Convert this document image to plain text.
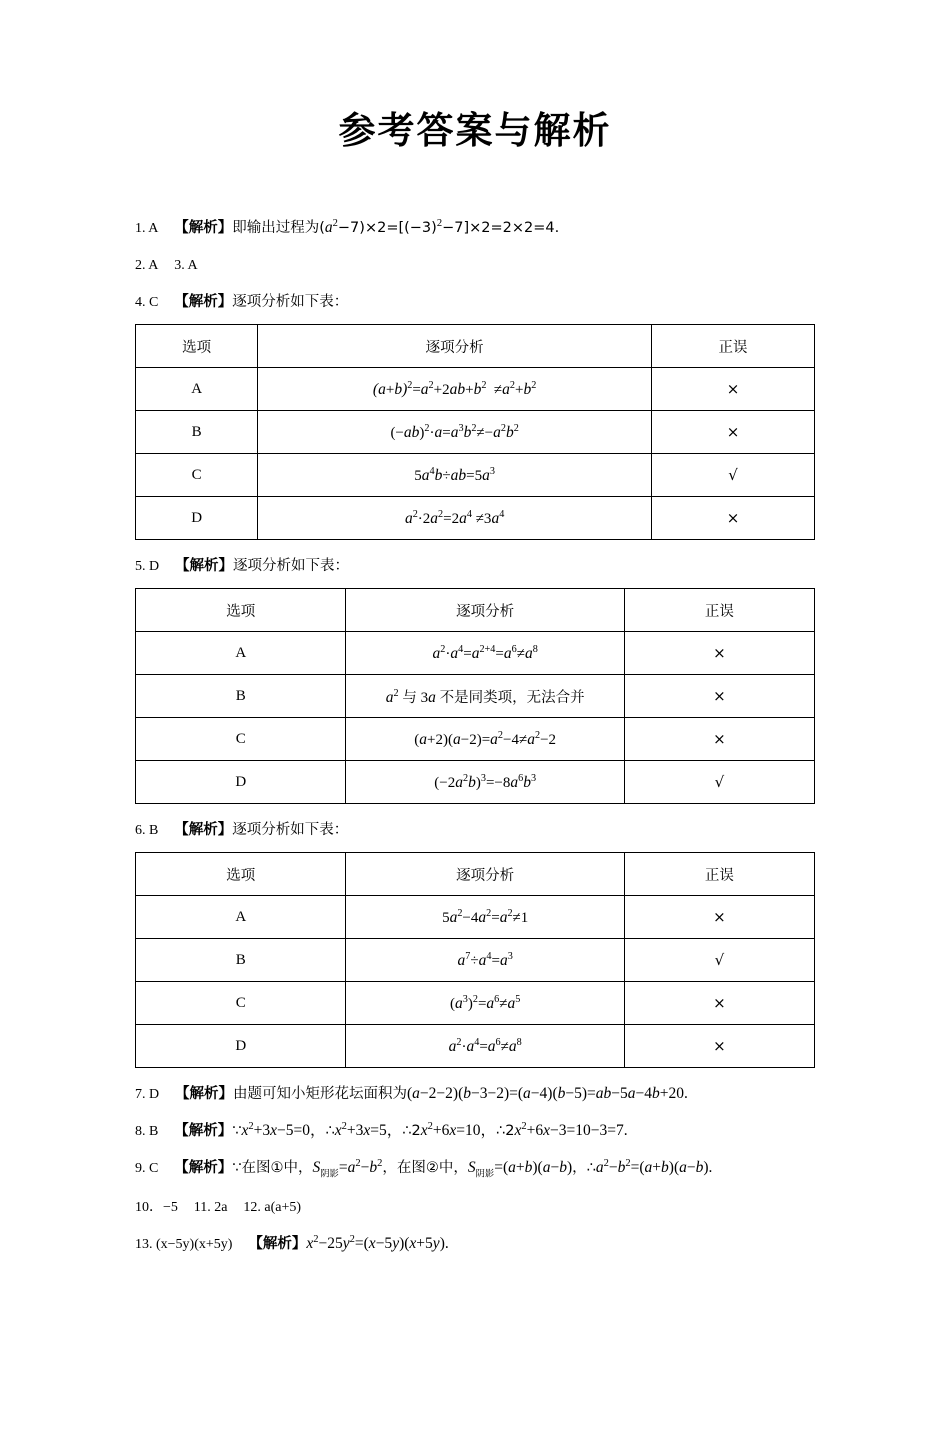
参考答案与解析

1. A 【解析】即输出过程为$(a^2-7)\times 2=[(-3)^2-7]\times 2=2\times 2=4$.

2. A 3. A

4. C 【解析】逐项分析如下表：

选项	逐项分析	正误
A	$(a+b)^2=a^2+2ab+b^2 \ne a^2+b^2$	×
B	$(-ab)^2\cdot a=a^3b^2\ne-a^2b^2$	×
C	$5a^4b\div ab=5a^3$	√
D	$a^2\cdot 2a^2=2a^4 \ne 3a^4$	×

5. D 【解析】逐项分析如下表：

选项	逐项分析	正误
A	$a^2\cdot a^4=a^{2+4}=a^6\ne a^8$	×
B	$a^2$ 与 3a 不是同类项，无法合并	×
C	$(a+2)(a-2)=a^2-4\ne a^2-2$	×
D	$(-2a^2b)^3=-8a^6b^3$	√

6. B 【解析】逐项分析如下表：

选项	逐项分析	正误
A	$5a^2-4a^2=a^2\ne 1$	×
B	$a^7\div a^4=a^3$	√
C	$(a^3)^2=a^6\ne a^5$	×
D	$a^2\cdot a^4=a^6\ne a^8$	×

7. D 【解析】由题可知小矩形花坛面积为(a−2−2)(b−3−2)=(a−4)(b−5)=ab−5a−4b+20.

8. B 【解析】$\because x^2+3x-5=0$，$\therefore x^2+3x=5$，$\therefore 2x^2+6x=10$，$\therefore 2x^2+6x-3=10-3=7$.

9. C 【解析】∵在图①中，$S_{阴影}=a^2-b^2$，在图②中，$S_{阴影}=(a+b)(a-b)$，$\therefore a^2-b^2=(a+b)(a-b)$.

10．−5 11. 2a 12. a(a+5)

13. (x−5y)(x+5y) 【解析】$x^2-25y^2=(x-5y)(x+5y)$.
